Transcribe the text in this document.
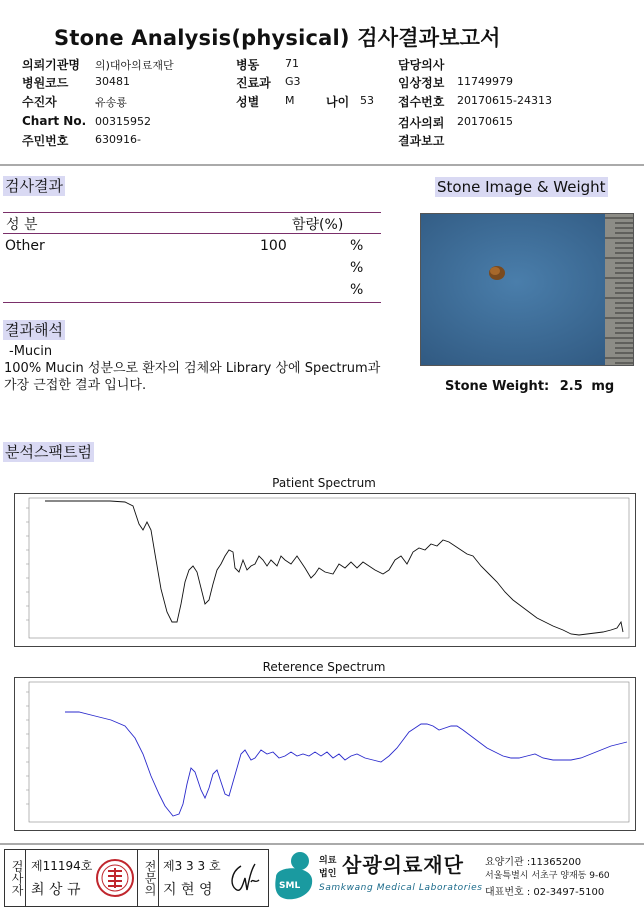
Stone Analysis(physical) 검사결과보고서
의뢰기관명 의)대아의료재단
병원코드 30481
수진자	유송룡
Chart No. 00315952
주민번호 630916-
병동 71
진료과 G3
성별 M	나이 53
담당의사
임상정보 11749979
접수번호 20170615-24313
검사의뢰 20170615
결과보고
검사결과
성 분	함량(%)
Other	100	%
%
%
Stone Image & Weight
Stone Weight: 2.5 mg
결과해석
-Mucin
100% Mucin 성분으로 환자의 검체와 Library 상에 Spectrum과
가장 근접한 결과 입니다.
분석스팩트럼
Patient Spectrum
Reterence Spectrum
검사자 제11194호
최 상 규	전문의 제3 3 3 호
지 현 영	SML
의료
법인 삼광의료재단
Samkwang Medical Laboratories
요양기관 :11365200
서울특별시 서초구 양재동 9-60
대표번호 : 02-3497-5100
